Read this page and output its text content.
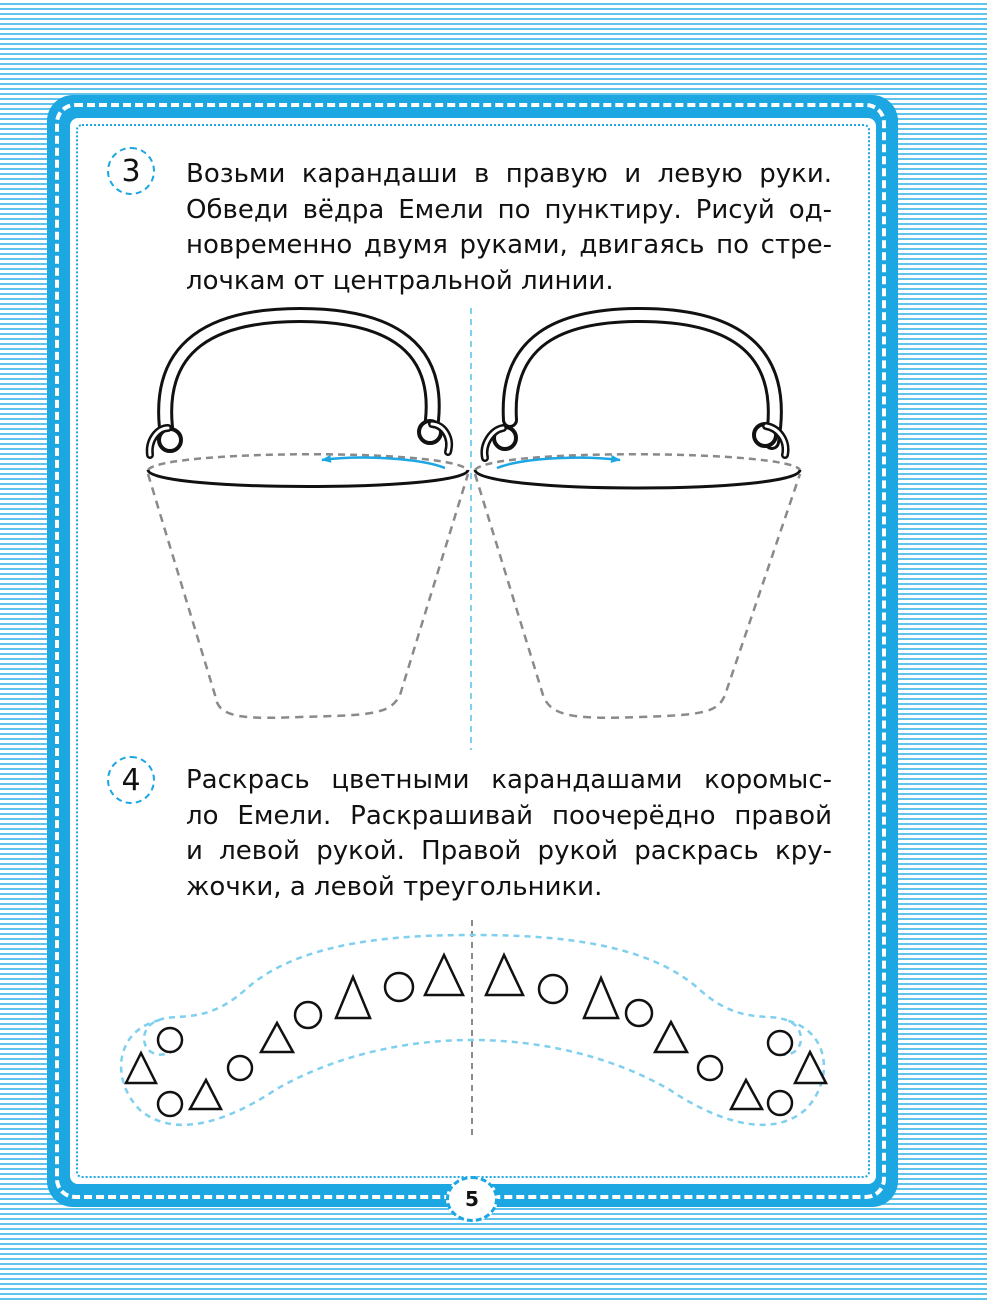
3 Возьми карандаши в правую и левую руки.
Обведи вёдра Емели по пунктиру. Рисуй од-
новременно двумя руками, двигаясь по стре-
лочкам от центральной линии.
4 Раскрась цветными карандашами коромыс-
ло Емели. Раскрашивай поочерёдно правой
и левой рукой. Правой рукой раскрась кру-
жочки, а левой треугольники.
5
